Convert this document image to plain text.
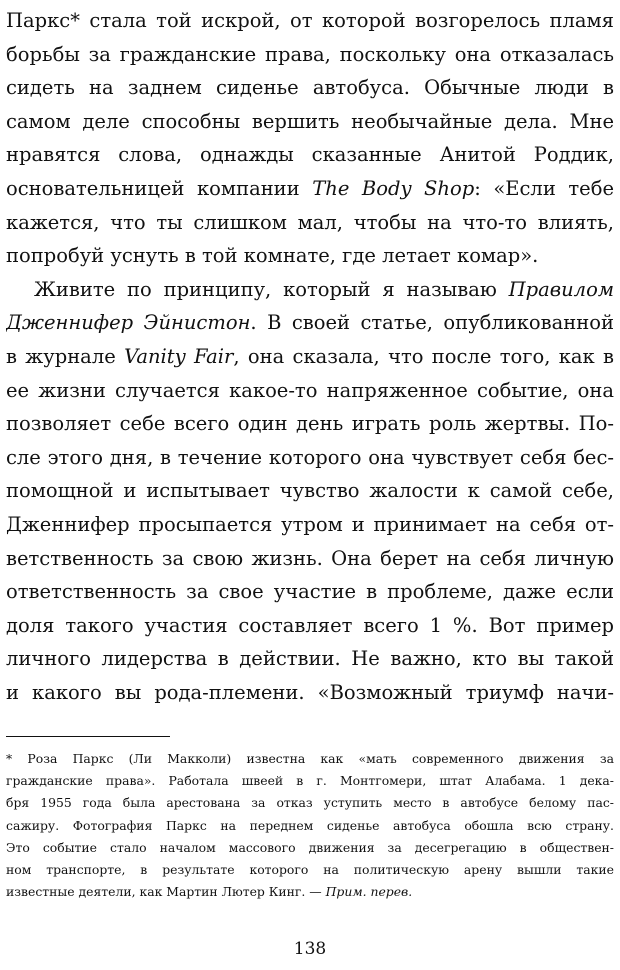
Паркс* стала той искрой, от которой возгорелось пламя
борьбы за гражданские права, поскольку она отказалась
сидеть на заднем сиденье автобуса. Обычные люди в
самом деле способны вершить необычайные дела. Мне
нравятся слова, однажды сказанные Анитой Роддик,
основательницей компании The Body Shop: «Если тебе
кажется, что ты слишком мал, чтобы на что-то влиять,
попробуй уснуть в той комнате, где летает комар».
Живите по принципу, который я называю Правилом
Дженнифер Эйнистон. В своей статье, опубликованной
в журнале Vanity Fair, она сказала, что после того, как в
ее жизни случается какое-то напряженное событие, она
позволяет себе всего один день играть роль жертвы. По-
сле этого дня, в течение которого она чувствует себя бес-
помощной и испытывает чувство жалости к самой себе,
Дженнифер просыпается утром и принимает на себя от-
ветственность за свою жизнь. Она берет на себя личную
ответственность за свое участие в проблеме, даже если
доля такого участия составляет всего 1 %. Вот пример
личного лидерства в действии. Не важно, кто вы такой
и какого вы рода-племени. «Возможный триумф начи-
* Роза Паркс (Ли Макколи) известна как «мать современного движения за
гражданские права». Работала швеей в г. Монтгомери, штат Алабама. 1 дека-
бря 1955 года была арестована за отказ уступить место в автобусе белому пас-
сажиру. Фотография Паркс на переднем сиденье автобуса обошла всю страну.
Это событие стало началом массового движения за десегрегацию в обществен-
ном транспорте, в результате которого на политическую арену вышли такие
известные деятели, как Мартин Лютер Кинг. — Прим. перев.
138
